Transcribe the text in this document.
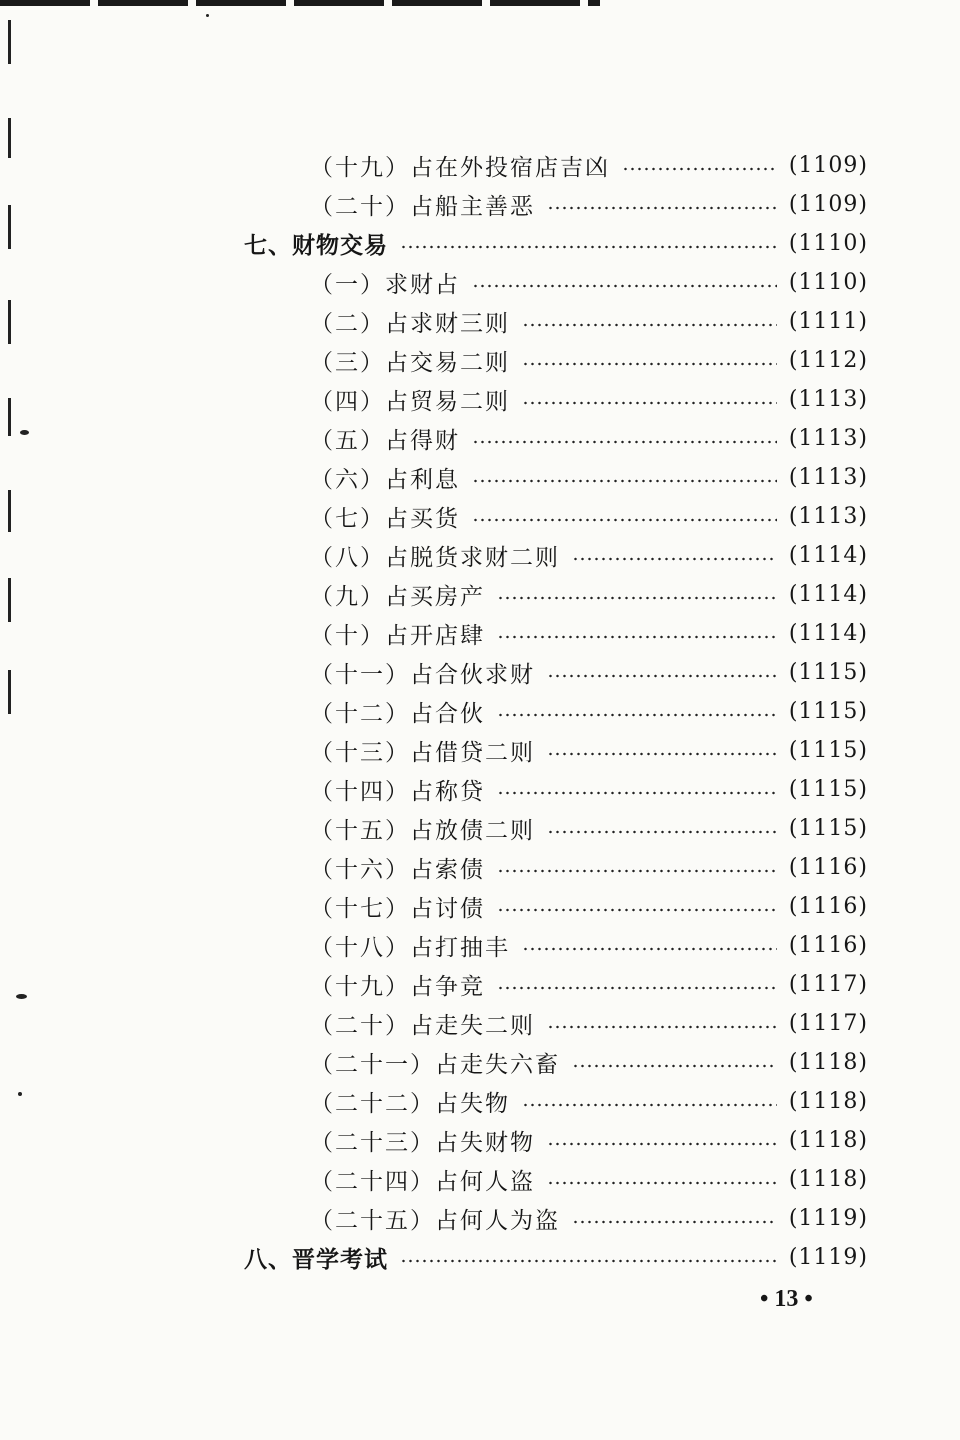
（十九）占在外投宿店吉凶	(1109)
（二十）占船主善恶	(1109)
七、财物交易	(1110)
（一）求财占	(1110)
（二）占求财三则	(1111)
（三）占交易二则	(1112)
（四）占贸易二则	(1113)
（五）占得财	(1113)
（六）占利息	(1113)
（七）占买货	(1113)
（八）占脱货求财二则	(1114)
（九）占买房产	(1114)
（十）占开店肆	(1114)
（十一）占合伙求财	(1115)
（十二）占合伙	(1115)
（十三）占借贷二则	(1115)
（十四）占称贷	(1115)
（十五）占放债二则	(1115)
（十六）占索债	(1116)
（十七）占讨债	(1116)
（十八）占打抽丰	(1116)
（十九）占争竞	(1117)
（二十）占走失二则	(1117)
（二十一）占走失六畜	(1118)
（二十二）占失物	(1118)
（二十三）占失财物	(1118)
（二十四）占何人盗	(1118)
（二十五）占何人为盗	(1119)
八、晋学考试	(1119)
• 13 •
